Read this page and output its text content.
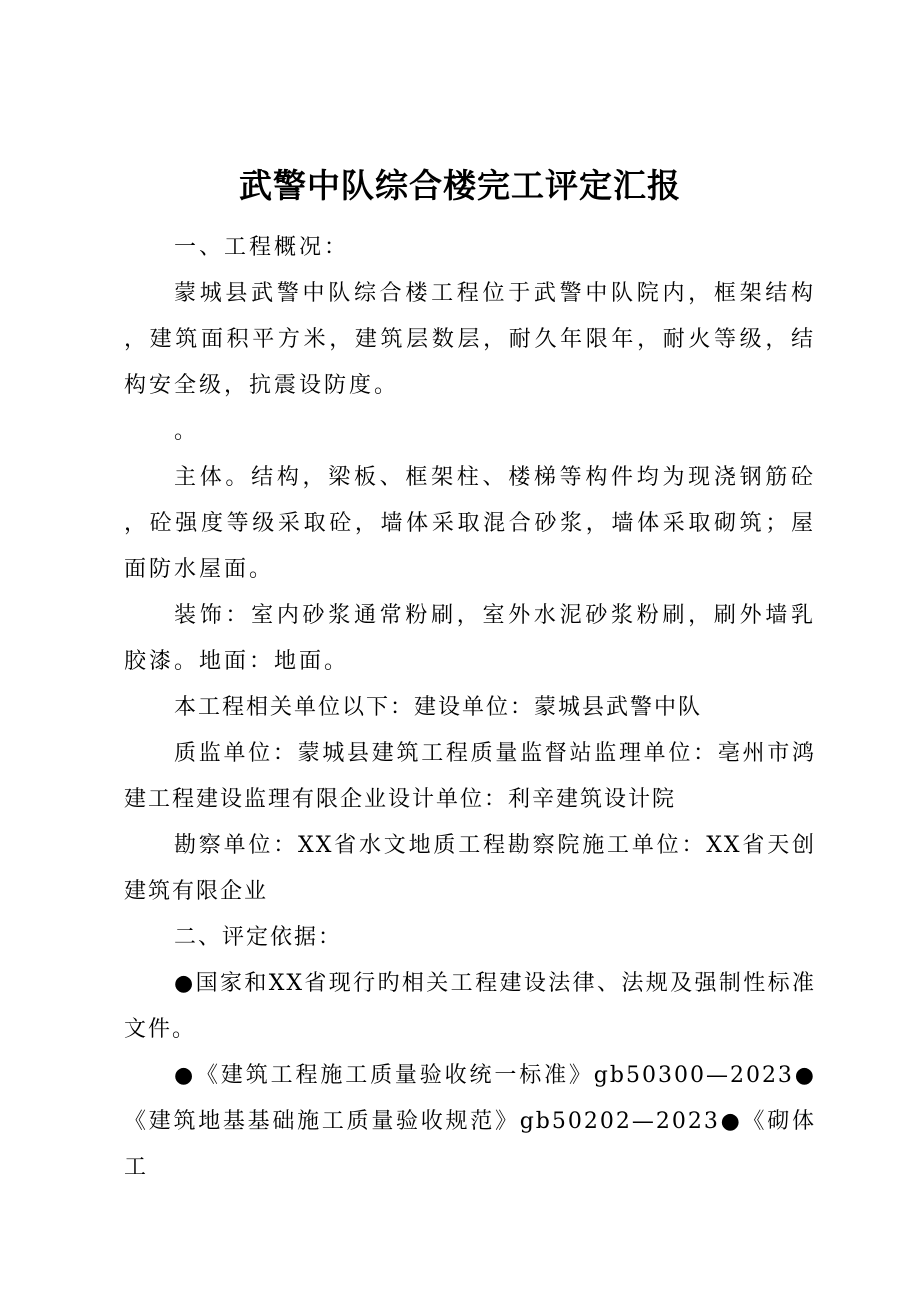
武警中队综合楼完工评定汇报

一、工程概况：

蒙城县武警中队综合楼工程位于武警中队院内，框架结构，建筑面积平方米，建筑层数层，耐久年限年，耐火等级，结构安全级，抗震设防度。

。

主体。结构，梁板、框架柱、楼梯等构件均为现浇钢筋砼，砼强度等级采取砼，墙体采取混合砂浆，墙体采取砌筑；屋面防水屋面。

装饰：室内砂浆通常粉刷，室外水泥砂浆粉刷，刷外墙乳胶漆。地面：地面。

本工程相关单位以下：建设单位：蒙城县武警中队

质监单位：蒙城县建筑工程质量监督站监理单位：亳州市鸿建工程建设监理有限企业设计单位：利辛建筑设计院

勘察单位：XX省水文地质工程勘察院施工单位：XX省天创建筑有限企业

二、评定依据：

●国家和XX省现行旳相关工程建设法律、法规及强制性标准文件。

●《建筑工程施工质量验收统一标准》gb50300—2023●《建筑地基基础施工质量验收规范》gb50202—2023●《砌体工
